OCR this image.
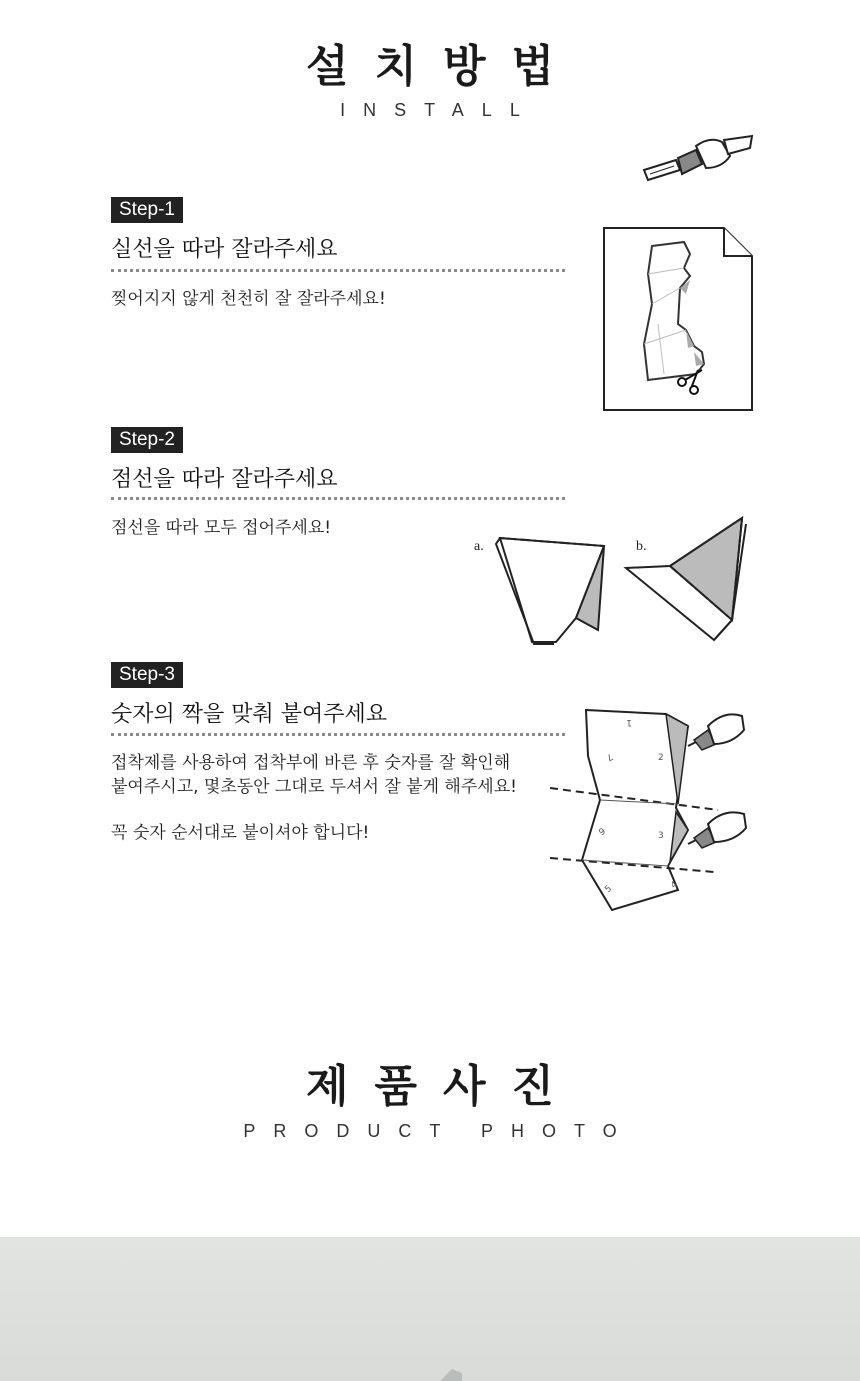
설치방법
INSTALL
Step-1
실선을 따라 잘라주세요
찢어지지 않게 천천히 잘 잘라주세요!
Step-2
점선을 따라 잘라주세요
점선을 따라 모두 접어주세요!
a.	b.
Step-3
숫자의 짝을 맞춰 붙여주세요
접착제를 사용하여 접착부에 바른 후 숫자를 잘 확인해
붙여주시고, 몇초동안 그대로 두셔서 잘 붙게 해주세요!
꼭 숫자 순서대로 붙이셔야 합니다!
1
2
7
6	3
5	4
제품사진
PRODUCT PHOTO
